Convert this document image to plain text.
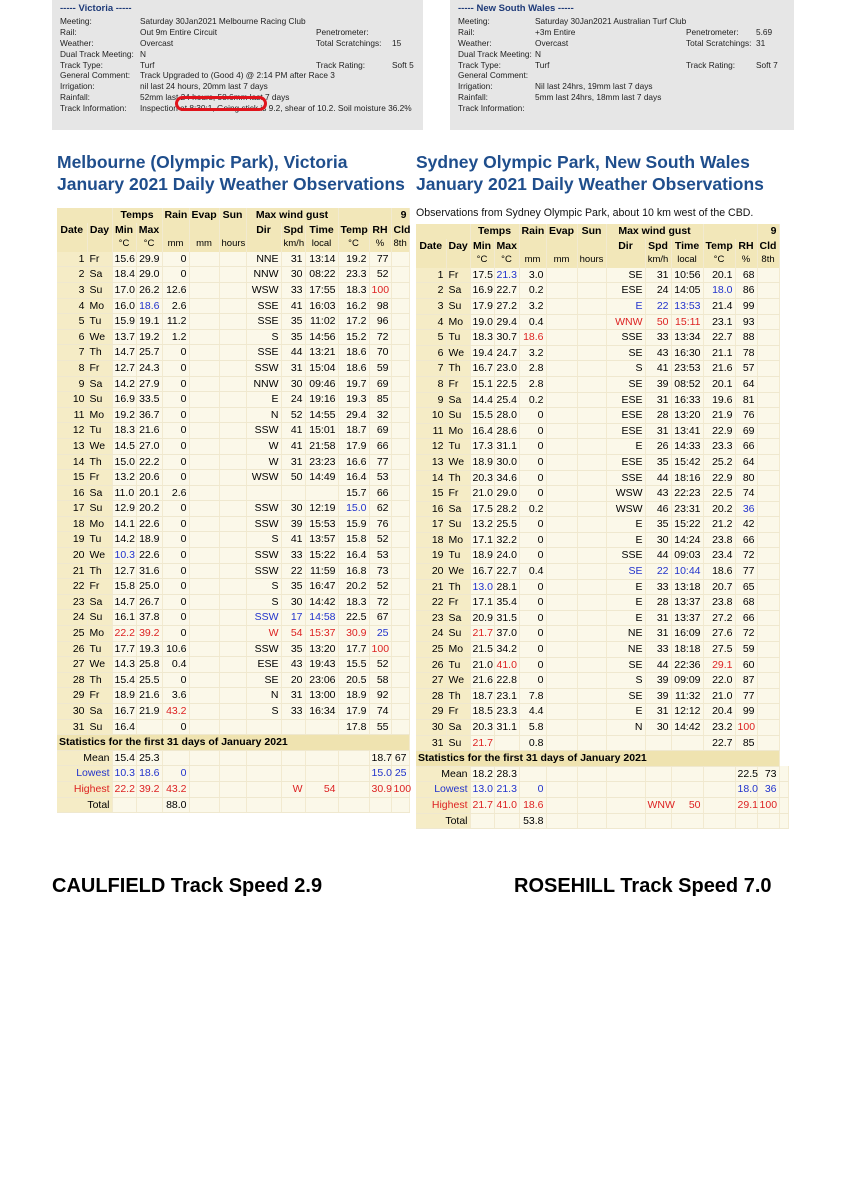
----- Victoria -----
Meeting:	Saturday 30Jan2021 Melbourne Racing Club
Rail:	Out 9m Entire Circuit	Penetrometer:
Weather:	Overcast	Total Scratchings: 15
Dual Track Meeting: N
Track Type:	Turf	Track Rating:	Soft 5
General Comment: Track Upgraded to (Good 4) @ 2:14 PM after Race 3
Irrigation:	nil last 24 hours, 20mm last 7 days
Rainfall:	52mm last 24 hours, 58.6mm last 7 days
Track Information: Inspection at 8:30:1, Going stick is 9.2, shear of 10.2. Soil moisture 36.2%
----- New South Wales -----
Meeting:	Saturday 30Jan2021 Australian Turf Club
Rail:	+3m Entire	Penetrometer: 5.69
Weather:	Overcast	Total Scratchings: 31
Dual Track Meeting: N
Track Type:	Turf	Track Rating:	Soft 7
General Comment:
Irrigation:	Nil last 24hrs, 19mm last 7 days
Rainfall:	5mm last 24hrs, 18mm last 7 days
Track Information:
Melbourne (Olympic Park), Victoria
January 2021 Daily Weather Observations
Sydney Olympic Park, New South Wales
January 2021 Daily Weather Observations
Observations from Sydney Olympic Park, about 10 km west of the CBD.
		Temps		Rain	Evap	Sun	Max wind gust					9	
Date	Day	Min	Max				Dir	Spd	Time	Temp	RH	Cld	
		°C	°C	mm	mm	hours		km/h	local	°C	%	8th	
1	Fr	15.6	29.9	0			NNE	31	13:14	19.2	77		
2	Sa	18.4	29.0	0			NNW	30	08:22	23.3	52		
3	Su	17.0	26.2	12.6			WSW	33	17:55	18.3	100		
4	Mo	16.0	18.6	2.6			SSE	41	16:03	16.2	98		
5	Tu	15.9	19.1	11.2			SSE	35	11:02	17.2	96		
6	We	13.7	19.2	1.2			S	35	14:56	15.2	72		
7	Th	14.7	25.7	0			SSE	44	13:21	18.6	70		
8	Fr	12.7	24.3	0			SSW	31	15:04	18.6	59		
9	Sa	14.2	27.9	0			NNW	30	09:46	19.7	69		
10	Su	16.9	33.5	0			E	24	19:16	19.3	85		
11	Mo	19.2	36.7	0			N	52	14:55	29.4	32		
12	Tu	18.3	21.6	0			SSW	41	15:01	18.7	69		
13	We	14.5	27.0	0			W	41	21:58	17.9	66		
14	Th	15.0	22.2	0			W	31	23:23	16.6	77		
15	Fr	13.2	20.6	0			WSW	50	14:49	16.4	53		
16	Sa	11.0	20.1	2.6						15.7	66		
17	Su	12.9	20.2	0			SSW	30	12:19	15.0	62		
18	Mo	14.1	22.6	0			SSW	39	15:53	15.9	76		
19	Tu	14.2	18.9	0			S	41	13:57	15.8	52		
20	We	10.3	22.6	0			SSW	33	15:22	16.4	53		
21	Th	12.7	31.6	0			SSW	22	11:59	16.8	73		
22	Fr	15.8	25.0	0			S	35	16:47	20.2	52		
23	Sa	14.7	26.7	0			S	30	14:42	18.3	72		
24	Su	16.1	37.8	0			SSW	17	14:58	22.5	67		
25	Mo	22.2	39.2	0			W	54	15:37	30.9	25		
26	Tu	17.7	19.3	10.6			SSW	35	13:20	17.7	100		
27	We	14.3	25.8	0.4			ESE	43	19:43	15.5	52		
28	Th	15.4	25.5	0			SE	20	23:06	20.5	58		
29	Fr	18.9	21.6	3.6			N	31	13:00	18.9	92		
30	Sa	16.7	21.9	43.2			S	33	16:34	17.9	74		
31	Su	16.4		0						17.8	55		
Statistics for the first 31 days of January 2021													
Mean		15.4	25.3								18.7	67	
Lowest		10.3	18.6	0							15.0	25	
Highest		22.2	39.2	43.2				W	54		30.9	100	
Total				88.0									
		Temps		Rain	Evap	Sun	Max wind gust					9	
Date	Day	Min	Max				Dir	Spd	Time	Temp	RH	Cld	
		°C	°C	mm	mm	hours		km/h	local	°C	%	8th	
1	Fr	17.5	21.3	3.0			SE	31	10:56	20.1	68		
2	Sa	16.9	22.7	0.2			ESE	24	14:05	18.0	86		
3	Su	17.9	27.2	3.2			E	22	13:53	21.4	99		
4	Mo	19.0	29.4	0.4			WNW	50	15:11	23.1	93		
5	Tu	18.3	30.7	18.6			SSE	33	13:34	22.7	88		
6	We	19.4	24.7	3.2			SE	43	16:30	21.1	78		
7	Th	16.7	23.0	2.8			S	41	23:53	21.6	57		
8	Fr	15.1	22.5	2.8			SE	39	08:52	20.1	64		
9	Sa	14.4	25.4	0.2			ESE	31	16:33	19.6	81		
10	Su	15.5	28.0	0			ESE	28	13:20	21.9	76		
11	Mo	16.4	28.6	0			ESE	31	13:41	22.9	69		
12	Tu	17.3	31.1	0			E	26	14:33	23.3	66		
13	We	18.9	30.0	0			ESE	35	15:42	25.2	64		
14	Th	20.3	34.6	0			SSE	44	18:16	22.9	80		
15	Fr	21.0	29.0	0			WSW	43	22:23	22.5	74		
16	Sa	17.5	28.2	0.2			WSW	46	23:31	20.2	36		
17	Su	13.2	25.5	0			E	35	15:22	21.2	42		
18	Mo	17.1	32.2	0			E	30	14:24	23.8	66		
19	Tu	18.9	24.0	0			SSE	44	09:03	23.4	72		
20	We	16.7	22.7	0.4			SE	22	10:44	18.6	77		
21	Th	13.0	28.1	0			E	33	13:18	20.7	65		
22	Fr	17.1	35.4	0			E	28	13:37	23.8	68		
23	Sa	20.9	31.5	0			E	31	13:37	27.2	66		
24	Su	21.7	37.0	0			NE	31	16:09	27.6	72		
25	Mo	21.5	34.2	0			NE	33	18:18	27.5	59		
26	Tu	21.0	41.0	0			SE	44	22:36	29.1	60		
27	We	21.6	22.8	0			S	39	09:09	22.0	87		
28	Th	18.7	23.1	7.8			SE	39	11:32	21.0	77		
29	Fr	18.5	23.3	4.4			E	31	12:12	20.4	99		
30	Sa	20.3	31.1	5.8			N	30	14:42	23.2	100		
31	Su	21.7		0.8						22.7	85		
Statistics for the first 31 days of January 2021													
Mean		18.2	28.3								22.5	73	
Lowest		13.0	21.3	0							18.0	36	
Highest		21.7	41.0	18.6				WNW	50		29.1	100	
Total				53.8									
CAULFIELD Track Speed 2.9	ROSEHILL Track Speed 7.0
